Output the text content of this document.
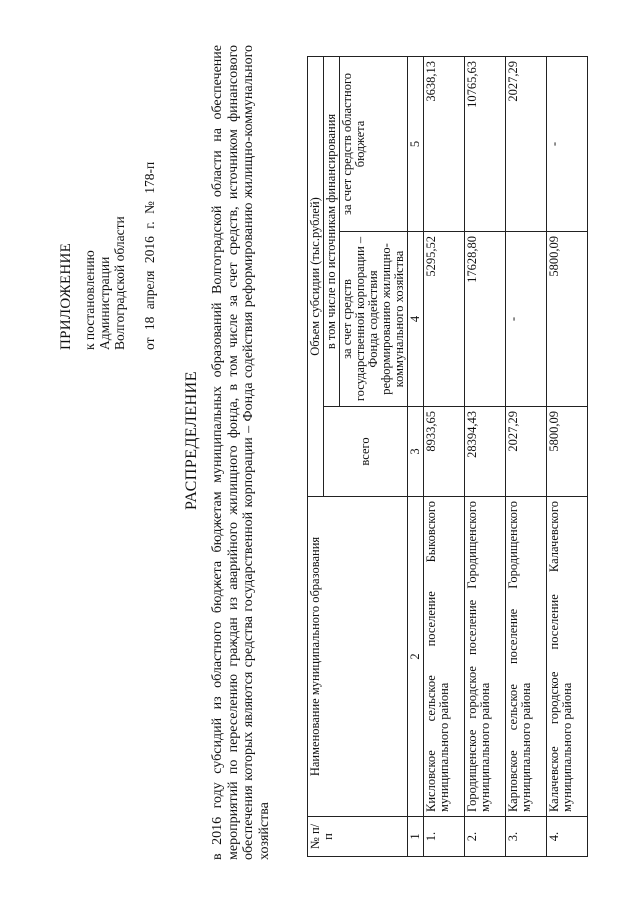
ПРИЛОЖЕНИЕ к постановлению Администрации Волгоградской области от 18 апреля 2016 г. № 178-п
РАСПРЕДЕЛЕНИЕ в 2016 году субсидий из областного бюджета бюджетам муниципальных образований Волгоградской области на обеспечение мероприятий по переселению граждан из аварийного жилищного фонда, в том числе за счет средств, источником финансового обеспечения которых являются средства государственной корпорации – Фонда содействия реформированию жилищно-коммунального хозяйства	№ п/п	Наименование муниципального образования	Объем субсидии (тыс.рублей)		
		всего	в том числе по источникам финансирования	
			за счет средств государственной корпорации – Фонда содействия реформированию жилищно-коммунального хозяйства	за счет средств областного бюджета
1	2	3	4	5
1.	Кисловское сельское поселение Быковского муниципального района	8933,65	5295,52	3638,13
2.	Городищенское городское поселение Городищенского муниципального района	28394,43	17628,80	10765,63
3.	Карповское сельское поселение Городищенского муниципального района	2027,29	-	2027,29
4.	Калачевское городское поселение Калачевского муниципального района	5800,09	5800,09	-
